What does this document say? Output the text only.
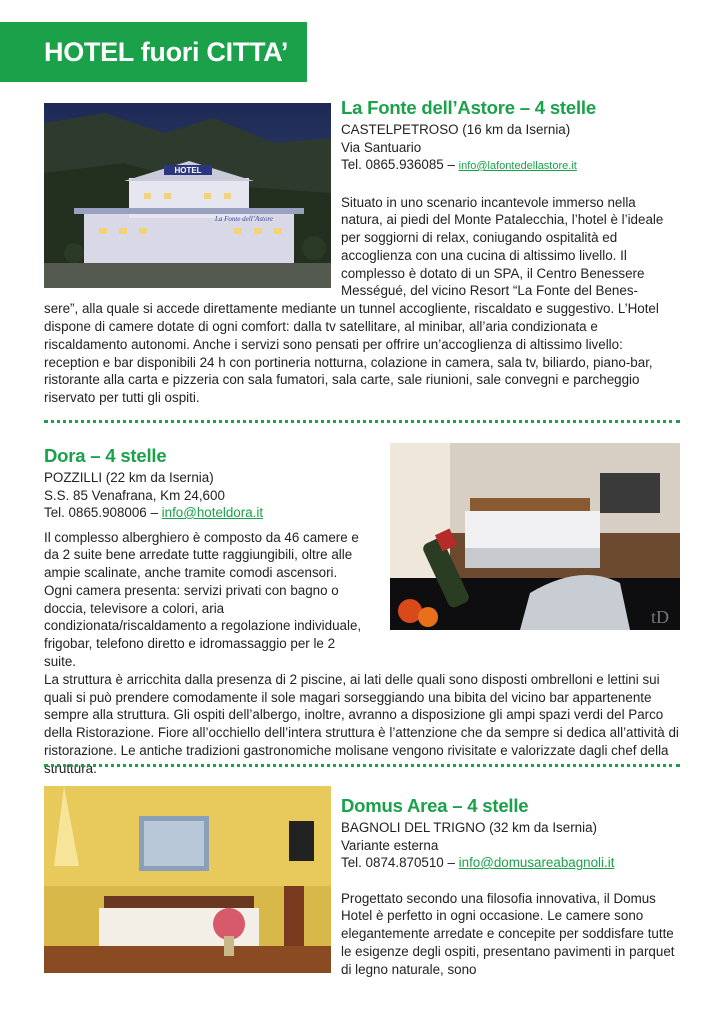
HOTEL fuori CITTA’
HOTEL
La Fonte dell’Astore
La Fonte dell’Astore – 4 stelle
CASTELPETROSO (16 km da Isernia)
Via Santuario
Tel. 0865.936085 – info@lafontedellastore.it

Situato in uno scenario incantevole immerso nella natura, ai piedi del Monte Patalecchia, l’hotel è l’ideale per soggiorni di relax, coniugando ospitalità ed accoglienza con una cucina di altissimo livello. Il complesso è dotato di un SPA, il Centro Benessere Mességué, del vicino Resort “La Fonte del Benes-

sere”, alla quale si accede direttamente mediante un tunnel accogliente, riscaldato e suggestivo. L’Hotel dispone di camere dotate di ogni comfort: dalla tv satellitare, al minibar, all’aria condizionata e riscaldamento autonomi. Anche i servizi sono pensati per offrire un’accoglienza di altissimo livello: reception e bar disponibili 24 h con portineria notturna, colazione in camera, sala tv, biliardo, piano-bar, ristorante alla carta e pizzeria con sala fumatori, sala carte, sale riunioni, sale convegni e parcheggio riservato per tutti gli ospiti.

tD
Dora – 4 stelle
POZZILLI (22 km da Isernia)
S.S. 85 Venafrana, Km 24,600
Tel. 0865.908006 – info@hoteldora.it

Il complesso alberghiero è composto da 46 camere e da 2 suite bene arredate tutte raggiungibili, oltre alle ampie scalinate, anche tramite comodi ascensori. Ogni camera presenta: servizi privati con bagno o doccia, televisore a colori, aria condizionata/riscaldamento a regolazione individuale, frigobar, telefono diretto e idromassaggio per le 2 suite.

La struttura è arricchita dalla presenza di 2 piscine, ai lati delle quali sono disposti ombrelloni e lettini sui quali si può prendere comodamente il sole magari sorseggiando una bibita del vicino bar appartenente sempre alla struttura. Gli ospiti dell’albergo, inoltre, avranno a disposizione gli ampi spazi verdi del Parco della Ristorazione. Fiore all’occhiello dell’intera struttura è l’attenzione che da sempre si dedica all’attività di ristorazione. Le antiche tradizioni gastronomiche molisane vengono rivisitate e valorizzate dagli chef della struttura.

Domus Area – 4 stelle
BAGNOLI DEL TRIGNO (32 km da Isernia)
Variante esterna
Tel. 0874.870510 – info@domusareabagnoli.it

Progettato secondo una filosofia innovativa, il Domus Hotel è perfetto in ogni occasione. Le camere sono elegantemente arredate e concepite per soddisfare tutte le esigenze degli ospiti, presentano pavimenti in parquet di legno naturale, sono
